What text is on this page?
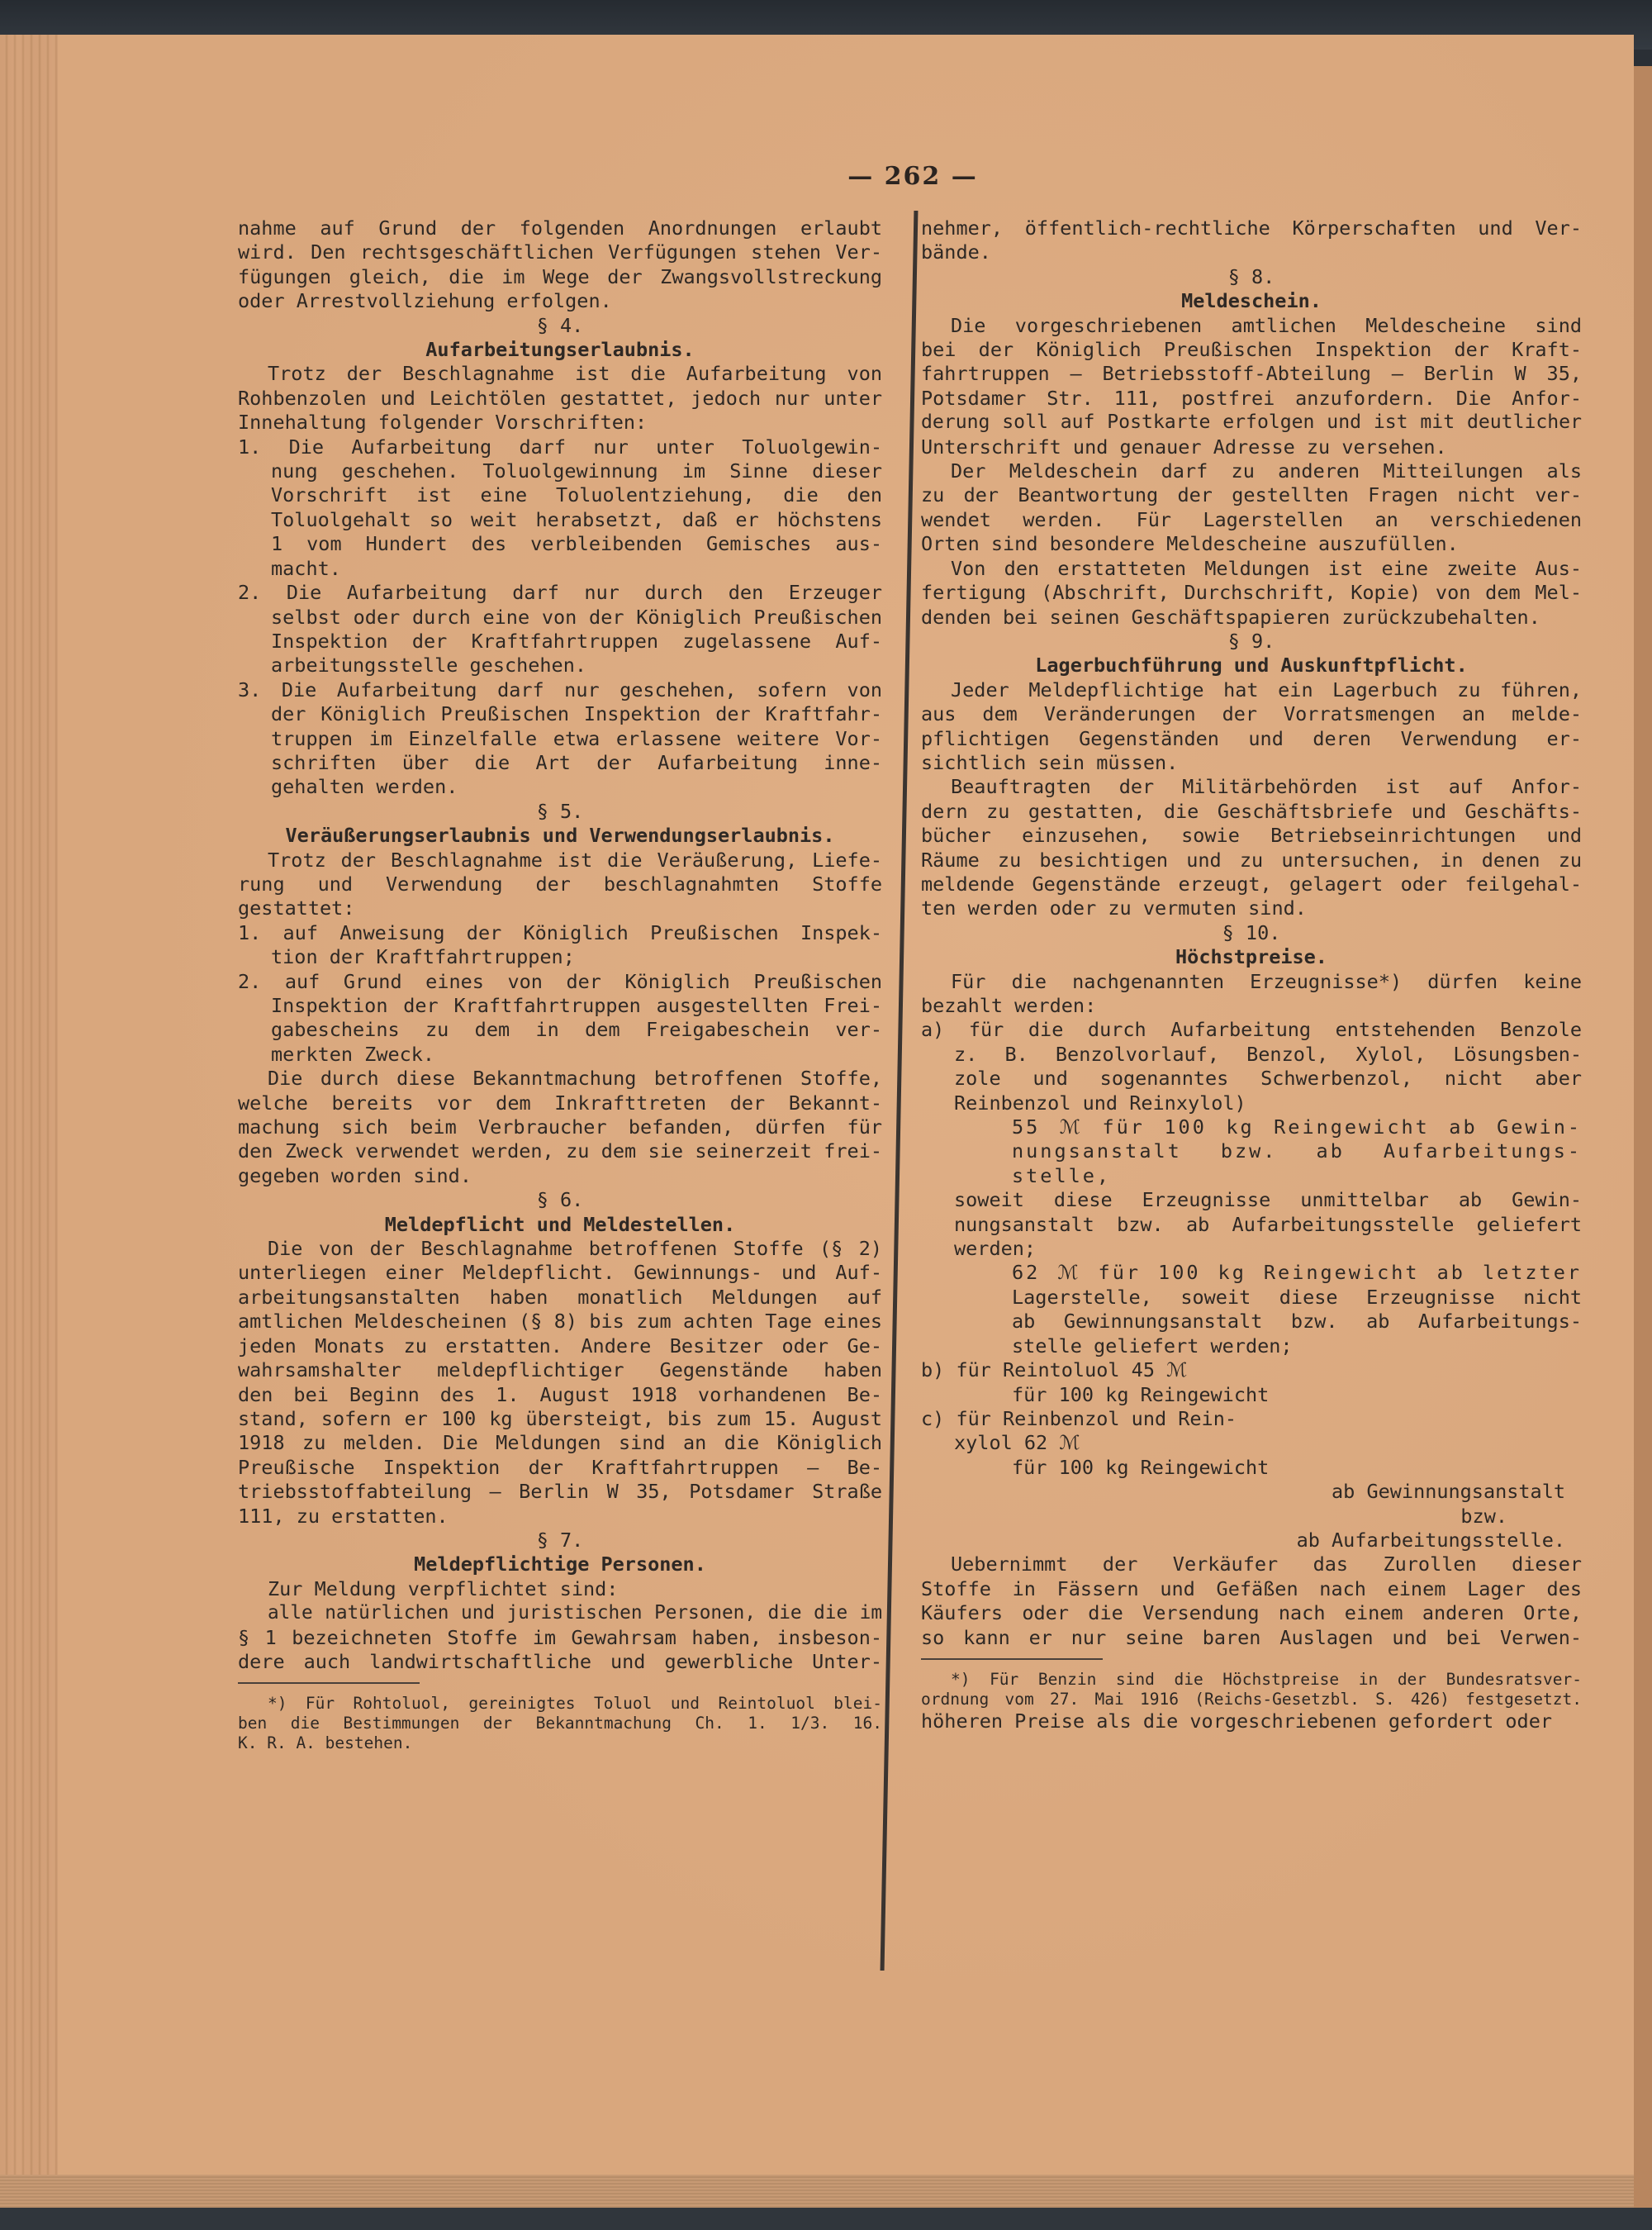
— 262 —
nahme auf Grund der folgenden Anordnungen erlaubt
wird. Den rechtsgeschäftlichen Verfügungen stehen Ver-
fügungen gleich, die im Wege der Zwangsvollstreckung
oder Arrestvollziehung erfolgen.
§ 4.
Aufarbeitungserlaubnis.
Trotz der Beschlagnahme ist die Aufarbeitung von
Rohbenzolen und Leichtölen gestattet, jedoch nur unter
Innehaltung folgender Vorschriften:
1. Die Aufarbeitung darf nur unter Toluolgewin-
nung geschehen. Toluolgewinnung im Sinne dieser
Vorschrift ist eine Toluolentziehung, die den
Toluolgehalt so weit herabsetzt, daß er höchstens
1 vom Hundert des verbleibenden Gemisches aus-
macht.
2. Die Aufarbeitung darf nur durch den Erzeuger
selbst oder durch eine von der Königlich Preußischen
Inspektion der Kraftfahrtruppen zugelassene Auf-
arbeitungsstelle geschehen.
3. Die Aufarbeitung darf nur geschehen, sofern von
der Königlich Preußischen Inspektion der Kraftfahr-
truppen im Einzelfalle etwa erlassene weitere Vor-
schriften über die Art der Aufarbeitung inne-
gehalten werden.
§ 5.
Veräußerungserlaubnis und Verwendungserlaubnis.
Trotz der Beschlagnahme ist die Veräußerung, Liefe-
rung und Verwendung der beschlagnahmten Stoffe
gestattet:
1. auf Anweisung der Königlich Preußischen Inspek-
tion der Kraftfahrtruppen;
2. auf Grund eines von der Königlich Preußischen
Inspektion der Kraftfahrtruppen ausgestellten Frei-
gabescheins zu dem in dem Freigabeschein ver-
merkten Zweck.
Die durch diese Bekanntmachung betroffenen Stoffe,
welche bereits vor dem Inkrafttreten der Bekannt-
machung sich beim Verbraucher befanden, dürfen für
den Zweck verwendet werden, zu dem sie seinerzeit frei-
gegeben worden sind.
§ 6.
Meldepflicht und Meldestellen.
Die von der Beschlagnahme betroffenen Stoffe (§ 2)
unterliegen einer Meldepflicht. Gewinnungs- und Auf-
arbeitungsanstalten haben monatlich Meldungen auf
amtlichen Meldescheinen (§ 8) bis zum achten Tage eines
jeden Monats zu erstatten. Andere Besitzer oder Ge-
wahrsamshalter meldepflichtiger Gegenstände haben
den bei Beginn des 1. August 1918 vorhandenen Be-
stand, sofern er 100 kg übersteigt, bis zum 15. August
1918 zu melden. Die Meldungen sind an die Königlich
Preußische Inspektion der Kraftfahrtruppen — Be-
triebsstoffabteilung — Berlin W 35, Potsdamer Straße
111, zu erstatten.
§ 7.
Meldepflichtige Personen.
Zur Meldung verpflichtet sind:
alle natürlichen und juristischen Personen, die die im
§ 1 bezeichneten Stoffe im Gewahrsam haben, insbeson-
dere auch landwirtschaftliche und gewerbliche Unter-
*) Für Rohtoluol, gereinigtes Toluol und Reintoluol blei-
ben die Bestimmungen der Bekanntmachung Ch. 1. 1/3. 16.
K. R. A. bestehen.
nehmer, öffentlich-rechtliche Körperschaften und Ver-
bände.
§ 8.
Meldeschein.
Die vorgeschriebenen amtlichen Meldescheine sind
bei der Königlich Preußischen Inspektion der Kraft-
fahrtruppen — Betriebsstoff-Abteilung — Berlin W 35,
Potsdamer Str. 111, postfrei anzufordern. Die Anfor-
derung soll auf Postkarte erfolgen und ist mit deutlicher
Unterschrift und genauer Adresse zu versehen.
Der Meldeschein darf zu anderen Mitteilungen als
zu der Beantwortung der gestellten Fragen nicht ver-
wendet werden. Für Lagerstellen an verschiedenen
Orten sind besondere Meldescheine auszufüllen.
Von den erstatteten Meldungen ist eine zweite Aus-
fertigung (Abschrift, Durchschrift, Kopie) von dem Mel-
denden bei seinen Geschäftspapieren zurückzubehalten.
§ 9.
Lagerbuchführung und Auskunftpflicht.
Jeder Meldepflichtige hat ein Lagerbuch zu führen,
aus dem Veränderungen der Vorratsmengen an melde-
pflichtigen Gegenständen und deren Verwendung er-
sichtlich sein müssen.
Beauftragten der Militärbehörden ist auf Anfor-
dern zu gestatten, die Geschäftsbriefe und Geschäfts-
bücher einzusehen, sowie Betriebseinrichtungen und
Räume zu besichtigen und zu untersuchen, in denen zu
meldende Gegenstände erzeugt, gelagert oder feilgehal-
ten werden oder zu vermuten sind.
§ 10.
Höchstpreise.
Für die nachgenannten Erzeugnisse*) dürfen keine
bezahlt werden:
a) für die durch Aufarbeitung entstehenden Benzole
z. B. Benzolvorlauf, Benzol, Xylol, Lösungsben-
zole und sogenanntes Schwerbenzol, nicht aber
Reinbenzol und Reinxylol)
55 ℳ für 100 kg Reingewicht ab Gewin-
nungsanstalt bzw. ab Aufarbeitungs-
stelle,
soweit diese Erzeugnisse unmittelbar ab Gewin-
nungsanstalt bzw. ab Aufarbeitungsstelle geliefert
werden;
62 ℳ für 100 kg Reingewicht ab letzter
Lagerstelle, soweit diese Erzeugnisse nicht
ab Gewinnungsanstalt bzw. ab Aufarbeitungs-
stelle geliefert werden;
b) für Reintoluol 45 ℳ
für 100 kg Reingewicht
c) für Reinbenzol und Rein-
xylol 62 ℳ
für 100 kg Reingewicht
ab Gewinnungsanstalt
bzw.
ab Aufarbeitungsstelle.
Uebernimmt der Verkäufer das Zurollen dieser
Stoffe in Fässern und Gefäßen nach einem Lager des
Käufers oder die Versendung nach einem anderen Orte,
so kann er nur seine baren Auslagen und bei Verwen-
*) Für Benzin sind die Höchstpreise in der Bundesratsver-
ordnung vom 27. Mai 1916 (Reichs-Gesetzbl. S. 426) festgesetzt.
höheren Preise als die vorgeschriebenen gefordert oder
